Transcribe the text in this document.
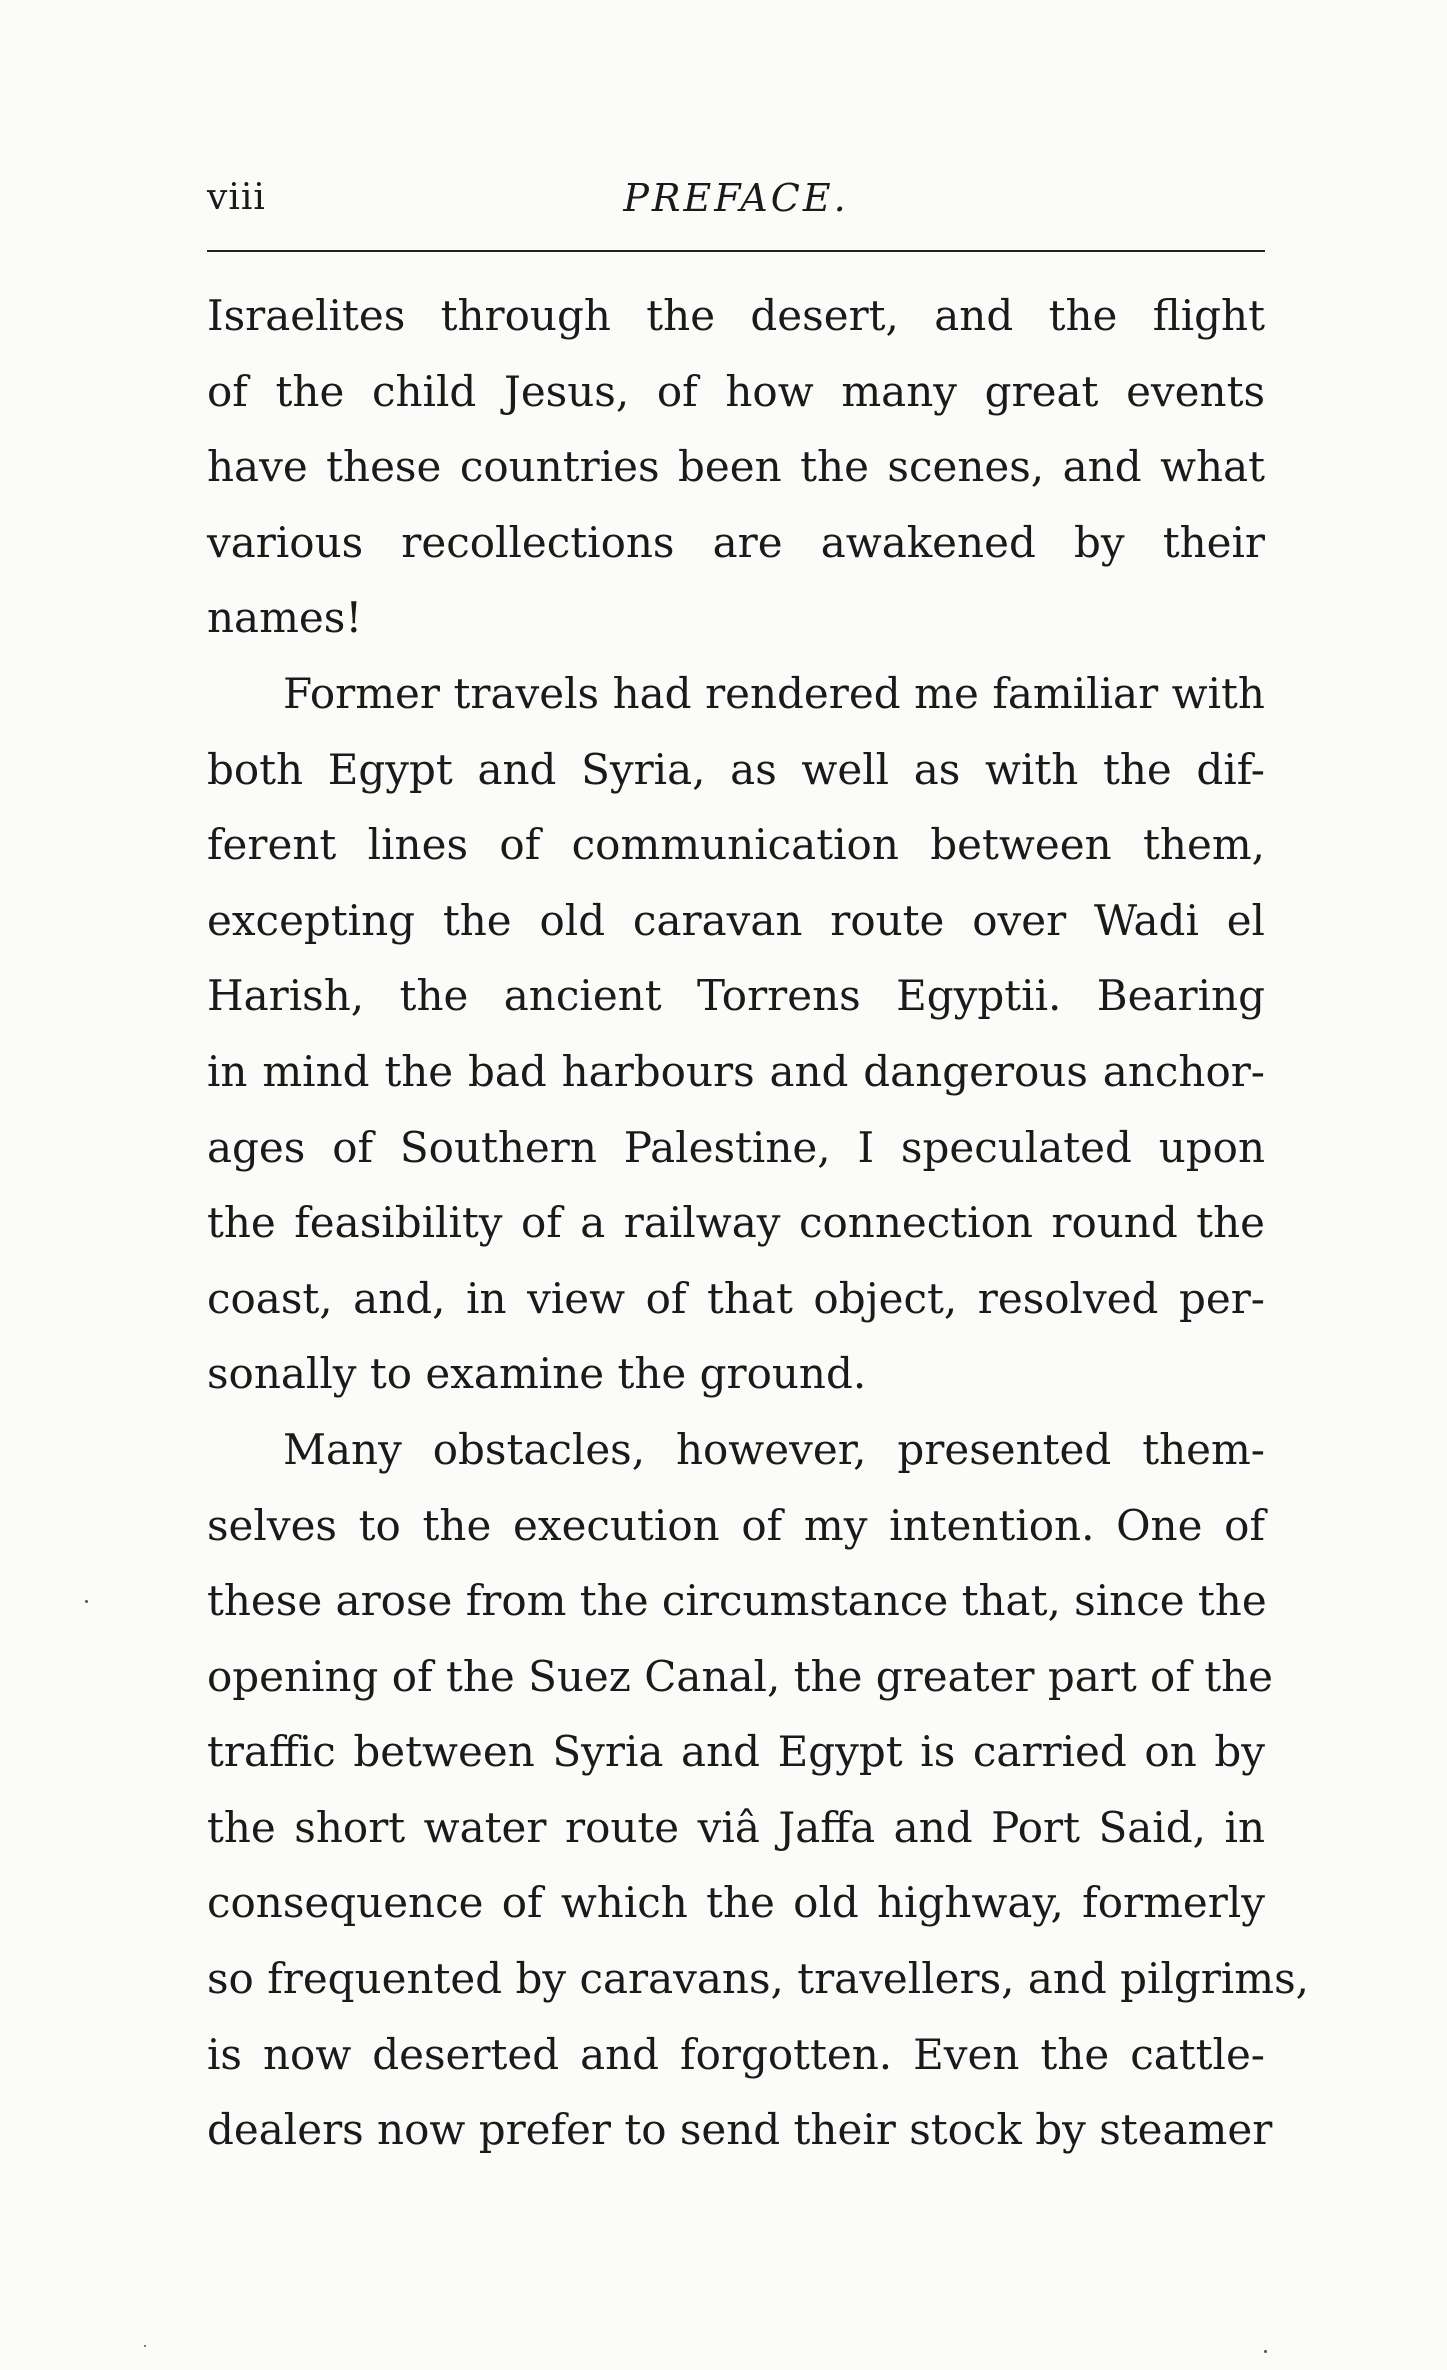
viii	PREFACE.
Israelites through the desert, and the flight
of the child Jesus, of how many great events
have these countries been the scenes, and what
various recollections are awakened by their
names!
Former travels had rendered me familiar with
both Egypt and Syria, as well as with the dif-
ferent lines of communication between them,
excepting the old caravan route over Wadi el
Harish, the ancient Torrens Egyptii. Bearing
in mind the bad harbours and dangerous anchor-
ages of Southern Palestine, I speculated upon
the feasibility of a railway connection round the
coast, and, in view of that object, resolved per-
sonally to examine the ground.
Many obstacles, however, presented them-
selves to the execution of my intention. One of
these arose from the circumstance that, since the
opening of the Suez Canal, the greater part of the
traffic between Syria and Egypt is carried on by
the short water route viâ Jaffa and Port Said, in
consequence of which the old highway, formerly
so frequented by caravans, travellers, and pilgrims,
is now deserted and forgotten. Even the cattle-
dealers now prefer to send their stock by steamer
